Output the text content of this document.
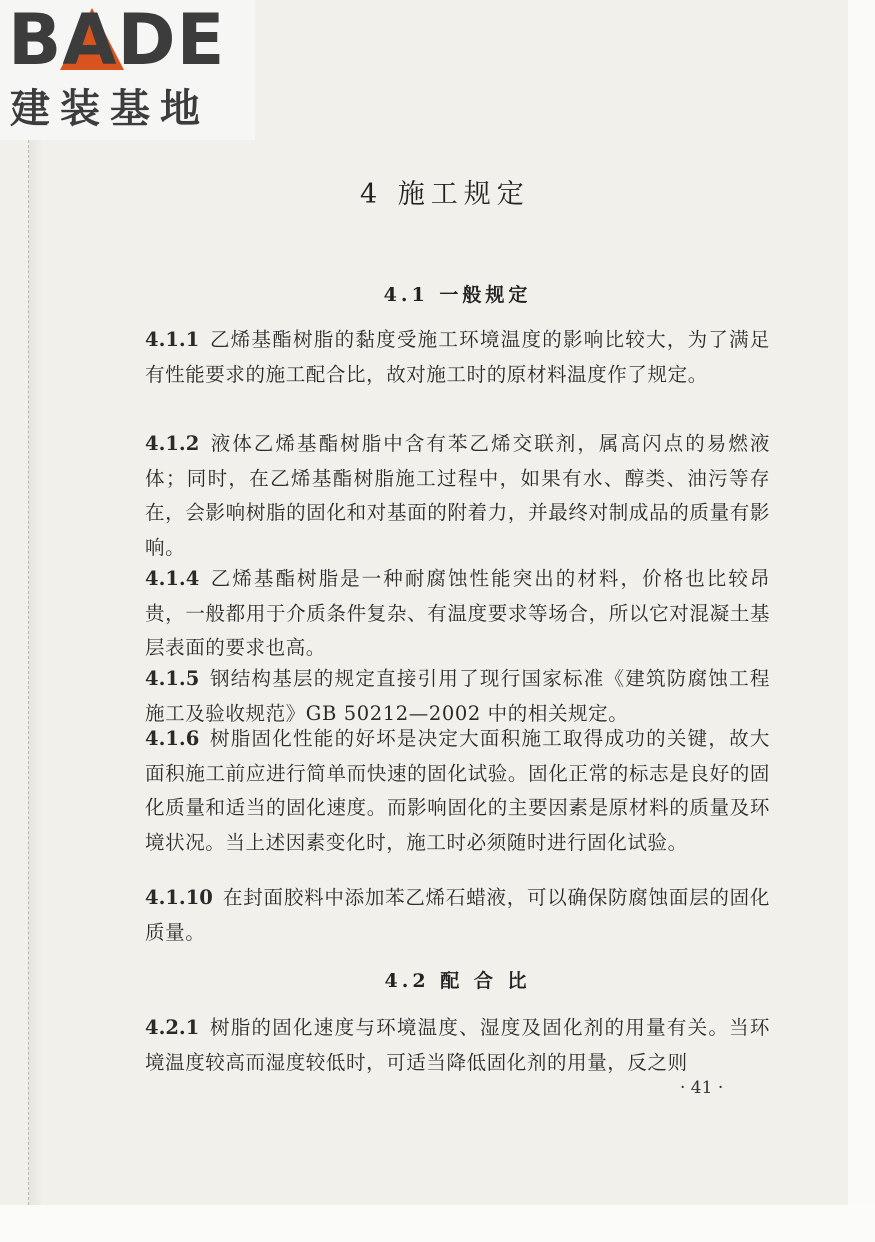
BADE
建装基地
4 施工规定
4.1 一般规定
4.1.1 乙烯基酯树脂的黏度受施工环境温度的影响比较大，为了满足有性能要求的施工配合比，故对施工时的原材料温度作了规定。
4.1.2 液体乙烯基酯树脂中含有苯乙烯交联剂，属高闪点的易燃液体；同时，在乙烯基酯树脂施工过程中，如果有水、醇类、油污等存在，会影响树脂的固化和对基面的附着力，并最终对制成品的质量有影响。
4.1.4 乙烯基酯树脂是一种耐腐蚀性能突出的材料，价格也比较昂贵，一般都用于介质条件复杂、有温度要求等场合，所以它对混凝土基层表面的要求也高。
4.1.5 钢结构基层的规定直接引用了现行国家标准《建筑防腐蚀工程施工及验收规范》GB 50212—2002 中的相关规定。
4.1.6 树脂固化性能的好坏是决定大面积施工取得成功的关键，故大面积施工前应进行简单而快速的固化试验。固化正常的标志是良好的固化质量和适当的固化速度。而影响固化的主要因素是原材料的质量及环境状况。当上述因素变化时，施工时必须随时进行固化试验。
4.1.10 在封面胶料中添加苯乙烯石蜡液，可以确保防腐蚀面层的固化质量。
4.2 配 合 比
4.2.1 树脂的固化速度与环境温度、湿度及固化剂的用量有关。当环境温度较高而湿度较低时，可适当降低固化剂的用量，反之则
· 41 ·
